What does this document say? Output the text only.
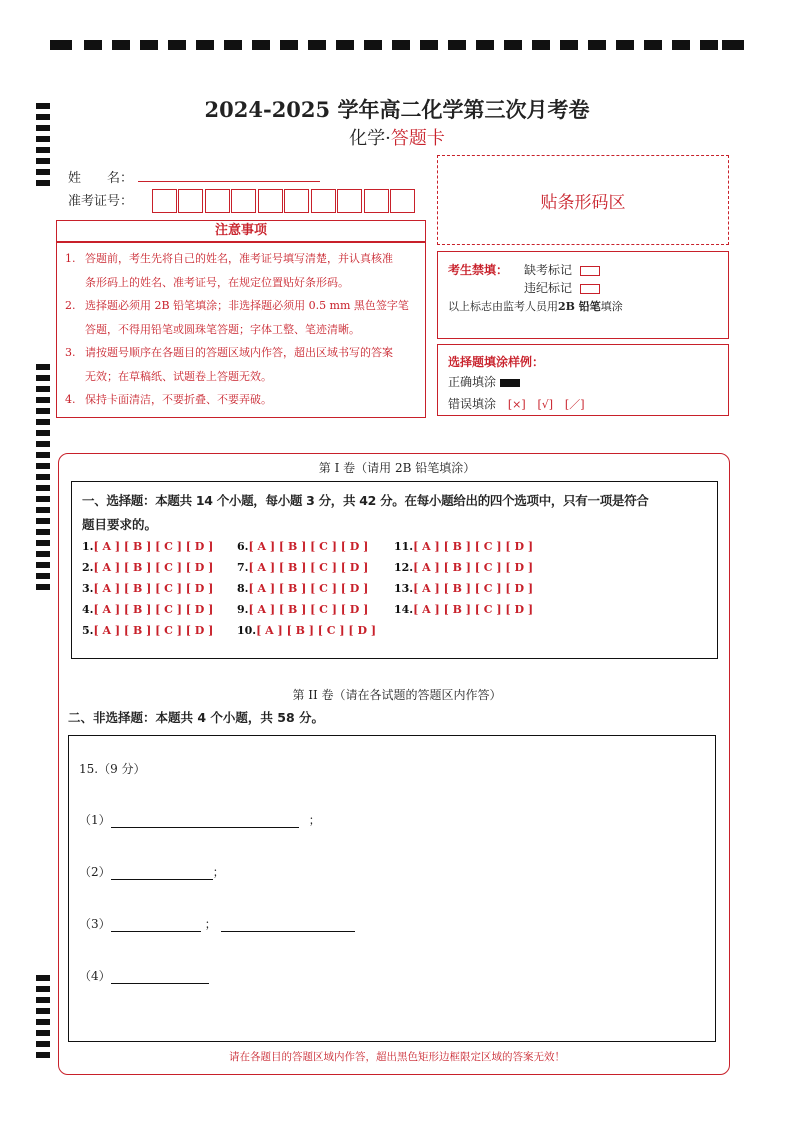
2024-2025 学年高二化学第三次月考卷
化学·答题卡
姓　　名：
准考证号：	贴条形码区
注意事项
1. 答题前，考生先将自己的姓名，准考证号填写清楚，并认真核准
条形码上的姓名、准考证号，在规定位置贴好条形码。
2. 选择题必须用 2B 铅笔填涂；非选择题必须用 0.5 mm 黑色签字笔
答题，不得用铅笔或圆珠笔答题；字体工整、笔迹清晰。
3. 请按题号顺序在各题目的答题区域内作答，超出区域书写的答案
无效；在草稿纸、试题卷上答题无效。
4. 保持卡面清洁，不要折叠、不要弄破。
考生禁填： 缺考标记
违纪标记
以上标志由监考人员用2B 铅笔填涂
选择题填涂样例：
正确填涂
错误填涂 [×] [√] [／]
第 I 卷（请用 2B 铅笔填涂）
一、选择题：本题共 14 个小题，每小题 3 分，共 42 分。在每小题给出的四个选项中，只有一项是符合
题目要求的。
1.[ A ] [ B ] [ C ] [ D ]
2.[ A ] [ B ] [ C ] [ D ]
3.[ A ] [ B ] [ C ] [ D ]
4.[ A ] [ B ] [ C ] [ D ]
5.[ A ] [ B ] [ C ] [ D ]
6.[ A ] [ B ] [ C ] [ D ]
7.[ A ] [ B ] [ C ] [ D ]
8.[ A ] [ B ] [ C ] [ D ]
9.[ A ] [ B ] [ C ] [ D ]
10.[ A ] [ B ] [ C ] [ D ]
11.[ A ] [ B ] [ C ] [ D ]
12.[ A ] [ B ] [ C ] [ D ]
13.[ A ] [ B ] [ C ] [ D ]
14.[ A ] [ B ] [ C ] [ D ]
第 II 卷（请在各试题的答题区内作答）
二、非选择题：本题共 4 个小题，共 58 分。
15.（9 分）
（1）	；
（2）	；
（3）	；
（4）
请在各题目的答题区域内作答，超出黑色矩形边框限定区域的答案无效！
